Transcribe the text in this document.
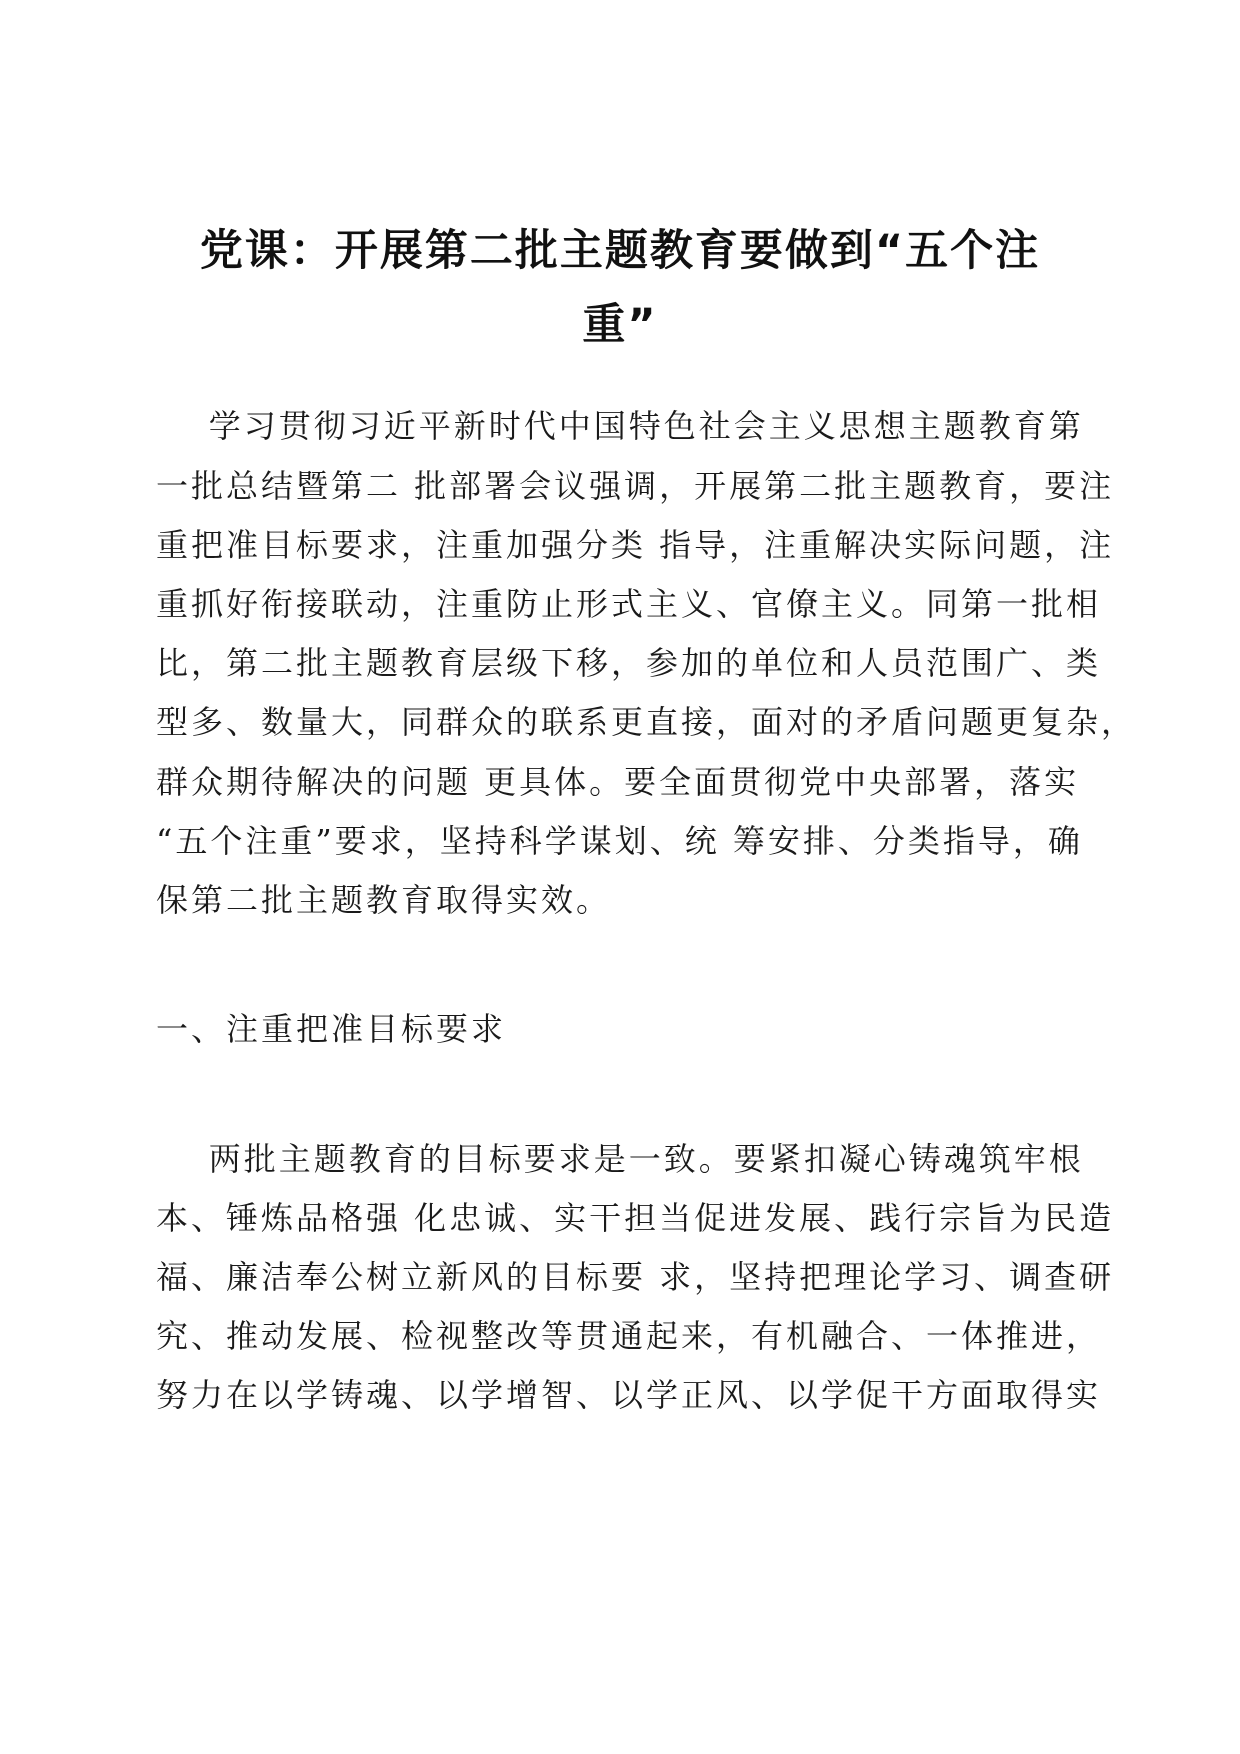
党课：开展第二批主题教育要做到“五个注
重”
学习贯彻习近平新时代中国特色社会主义思想主题教育第
一批总结暨第二 批部署会议强调，开展第二批主题教育，要注
重把准目标要求，注重加强分类 指导，注重解决实际问题，注
重抓好衔接联动，注重防止形式主义、官僚主义。同第一批相
比，第二批主题教育层级下移，参加的单位和人员范围广、类
型多、数量大，同群众的联系更直接，面对的矛盾问题更复杂，
群众期待解决的问题 更具体。要全面贯彻党中央部署，落实
“五个注重”要求，坚持科学谋划、统 筹安排、分类指导，确
保第二批主题教育取得实效。
一、注重把准目标要求
两批主题教育的目标要求是一致。要紧扣凝心铸魂筑牢根
本、锤炼品格强 化忠诚、实干担当促进发展、践行宗旨为民造
福、廉洁奉公树立新风的目标要 求，坚持把理论学习、调查研
究、推动发展、检视整改等贯通起来，有机融合、一体推进，
努力在以学铸魂、以学增智、以学正风、以学促干方面取得实
